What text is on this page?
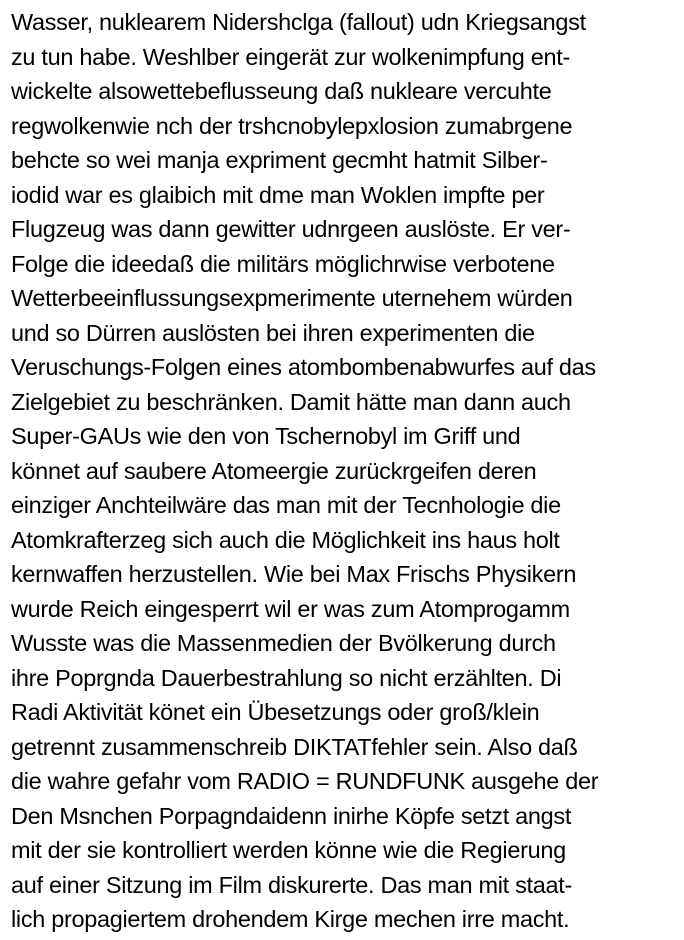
Wasser, nuklearem Nidershclga (fallout) udn Kriegsangst
zu tun habe. Weshlber eingerät zur wolkenimpfung ent-
wickelte alsowettebeflusseung daß nukleare vercuhte
regwolkenwie nch der trshcnobylepxlosion zumabrgene
behcte so wei manja expriment gecmht hatmit Silber-
iodid war es glaibich mit dme man Woklen impfte per
Flugzeug was dann gewitter udnrgeen auslöste. Er ver-
Folge die ideedaß die militärs möglichrwise verbotene
Wetterbeeinflussungsexpmerimente uternehem würden
und so Dürren auslösten bei ihren experimenten die
Veruschungs-Folgen eines atombombenabwurfes auf das
Zielgebiet zu beschränken. Damit hätte man dann auch
Super-GAUs wie den von Tschernobyl im Griff und
könnet auf saubere Atomeergie zurückrgeifen deren
einziger Anchteilwäre das man mit der Tecnhologie die
Atomkrafterzeg sich auch die Möglichkeit ins haus holt
kernwaffen herzustellen. Wie bei Max Frischs Physikern
wurde Reich eingesperrt wil er was zum Atomprogamm
Wusste was die Massenmedien der Bvölkerung durch
ihre Poprgnda Dauerbestrahlung so nicht erzählten. Di
Radi Aktivität könet ein Übesetzungs oder groß/klein
getrennt zusammenschreib DIKTATfehler sein. Also daß
die wahre gefahr vom RADIO = RUNDFUNK ausgehe der
Den Msnchen Porpagndaidenn inirhe Köpfe setzt angst
mit der sie kontrolliert werden könne wie die Regierung
auf einer Sitzung im Film diskurerte. Das man mit staat-
lich propagiertem drohendem Kirge mechen irre macht.
